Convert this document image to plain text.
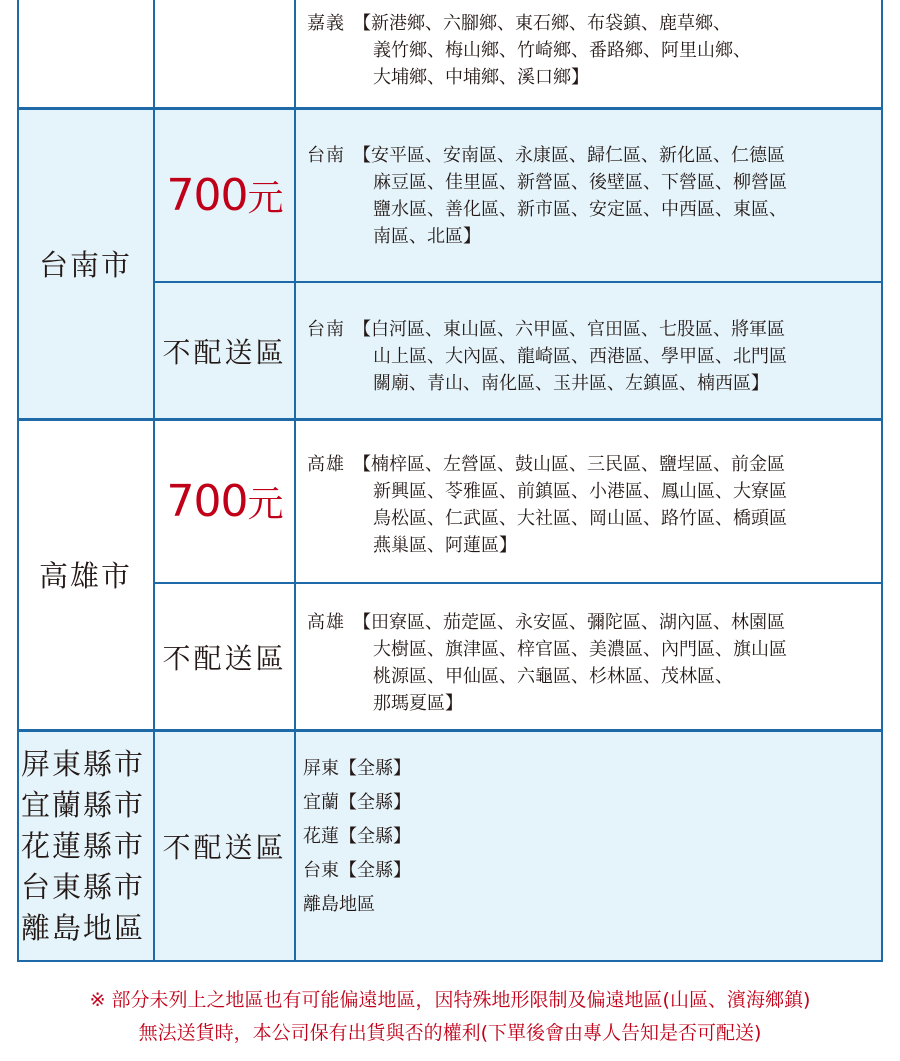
嘉義 【新港鄉、六腳鄉、東石鄉、布袋鎮、鹿草鄉、
義竹鄉、梅山鄉、竹崎鄉、番路鄉、阿里山鄉、
大埔鄉、中埔鄉、溪口鄉】
台南市
700元
台南 【安平區、安南區、永康區、歸仁區、新化區、仁德區
麻豆區、佳里區、新營區、後壁區、下營區、柳營區
鹽水區、善化區、新市區、安定區、中西區、東區、
南區、北區】
不配送區
台南 【白河區、東山區、六甲區、官田區、七股區、將軍區
山上區、大內區、龍崎區、西港區、學甲區、北門區
關廟、青山、南化區、玉井區、左鎮區、楠西區】
高雄市
700元
高雄 【楠梓區、左營區、鼓山區、三民區、鹽埕區、前金區
新興區、苓雅區、前鎮區、小港區、鳳山區、大寮區
鳥松區、仁武區、大社區、岡山區、路竹區、橋頭區
燕巢區、阿蓮區】
不配送區
高雄 【田寮區、茄萣區、永安區、彌陀區、湖內區、林園區
大樹區、旗津區、梓官區、美濃區、內門區、旗山區
桃源區、甲仙區、六龜區、杉林區、茂林區、
那瑪夏區】
屏東縣市
宜蘭縣市
花蓮縣市
台東縣市
離島地區
不配送區
屏東【全縣】
宜蘭【全縣】
花蓮【全縣】
台東【全縣】
離島地區
※ 部分未列上之地區也有可能偏遠地區，因特殊地形限制及偏遠地區(山區、濱海鄉鎮)
無法送貨時，本公司保有出貨與否的權利(下單後會由專人告知是否可配送)
